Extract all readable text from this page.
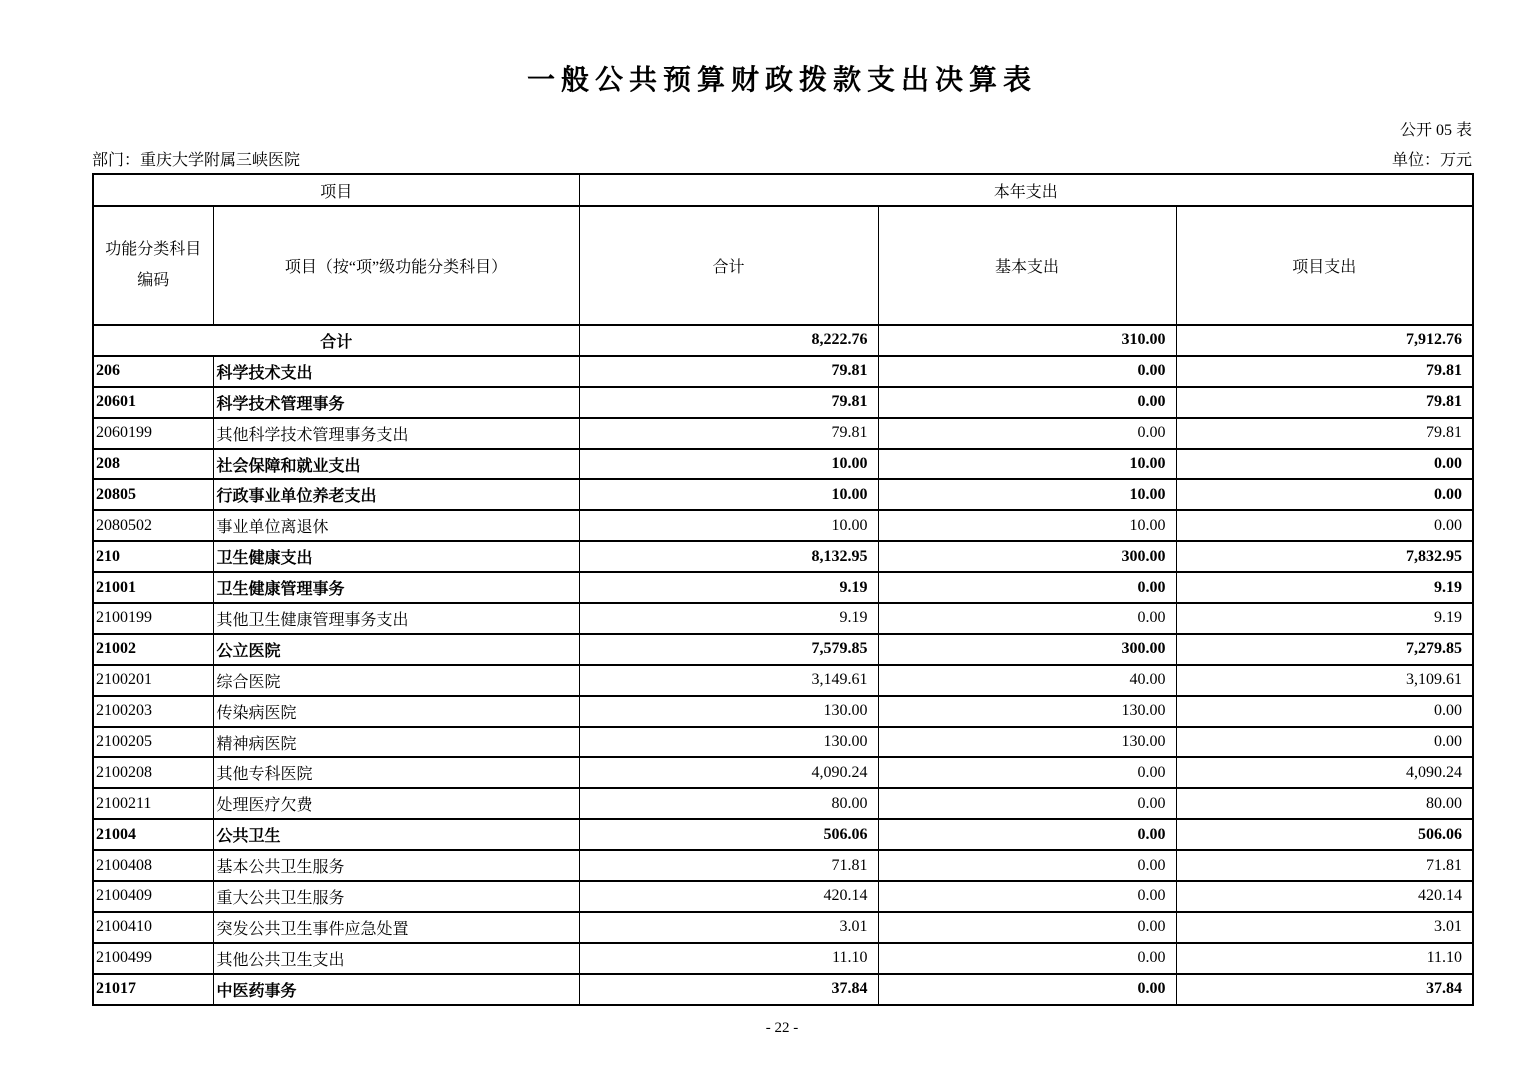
一般公共预算财政拨款支出决算表
公开 05 表
部门：重庆大学附属三峡医院	单位：万元
项目		本年支出		
功能分类科目
编码	项目（按“项”级功能分类科目）	合计	基本支出	项目支出
合计		8,222.76	310.00	7,912.76
206	科学技术支出	79.81	0.00	79.81
20601	科学技术管理事务	79.81	0.00	79.81
2060199	其他科学技术管理事务支出	79.81	0.00	79.81
208	社会保障和就业支出	10.00	10.00	0.00
20805	行政事业单位养老支出	10.00	10.00	0.00
2080502	事业单位离退休	10.00	10.00	0.00
210	卫生健康支出	8,132.95	300.00	7,832.95
21001	卫生健康管理事务	9.19	0.00	9.19
2100199	其他卫生健康管理事务支出	9.19	0.00	9.19
21002	公立医院	7,579.85	300.00	7,279.85
2100201	综合医院	3,149.61	40.00	3,109.61
2100203	传染病医院	130.00	130.00	0.00
2100205	精神病医院	130.00	130.00	0.00
2100208	其他专科医院	4,090.24	0.00	4,090.24
2100211	处理医疗欠费	80.00	0.00	80.00
21004	公共卫生	506.06	0.00	506.06
2100408	基本公共卫生服务	71.81	0.00	71.81
2100409	重大公共卫生服务	420.14	0.00	420.14
2100410	突发公共卫生事件应急处置	3.01	0.00	3.01
2100499	其他公共卫生支出	11.10	0.00	11.10
21017	中医药事务	37.84	0.00	37.84
- 22 -
